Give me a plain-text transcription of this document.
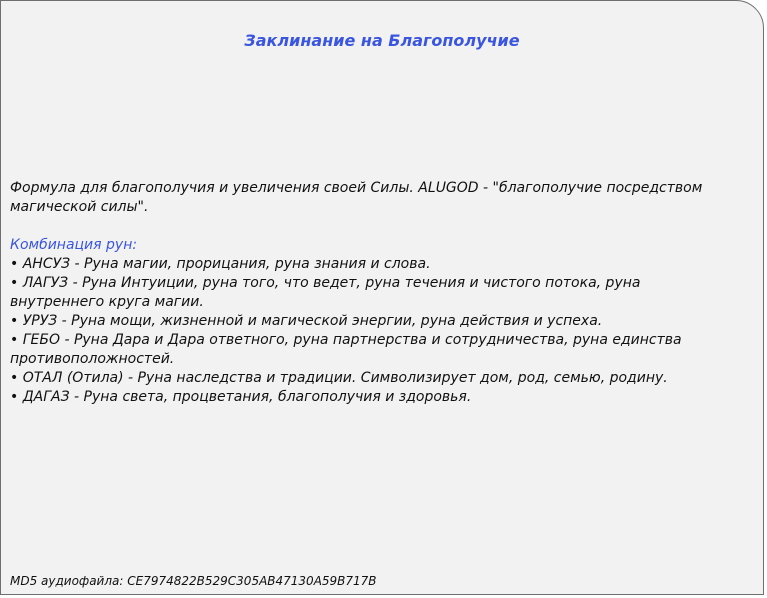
Заклинание на Благополучие

Формула для благополучия и увеличения своей Силы. ALUGOD - "благополучие посредством магической силы".

Комбинация рун:

• АНСУЗ - Руна магии, прорицания, руна знания и слова.
• ЛАГУЗ - Руна Интуиции, руна того, что ведет, руна течения и чистого потока, руна внутреннего круга магии.
• УРУЗ - Руна мощи, жизненной и магической энергии, руна действия и успеха.
• ГЕБО - Руна Дара и Дара ответного, руна партнерства и сотрудничества, руна единства противоположностей.
• ОТАЛ (Отила) - Руна наследства и традиции. Символизирует дом, род, семью, родину.
• ДАГАЗ - Руна света, процветания, благополучия и здоровья.
MD5 аудиофайла: CE7974822B529C305AB47130A59B717B
